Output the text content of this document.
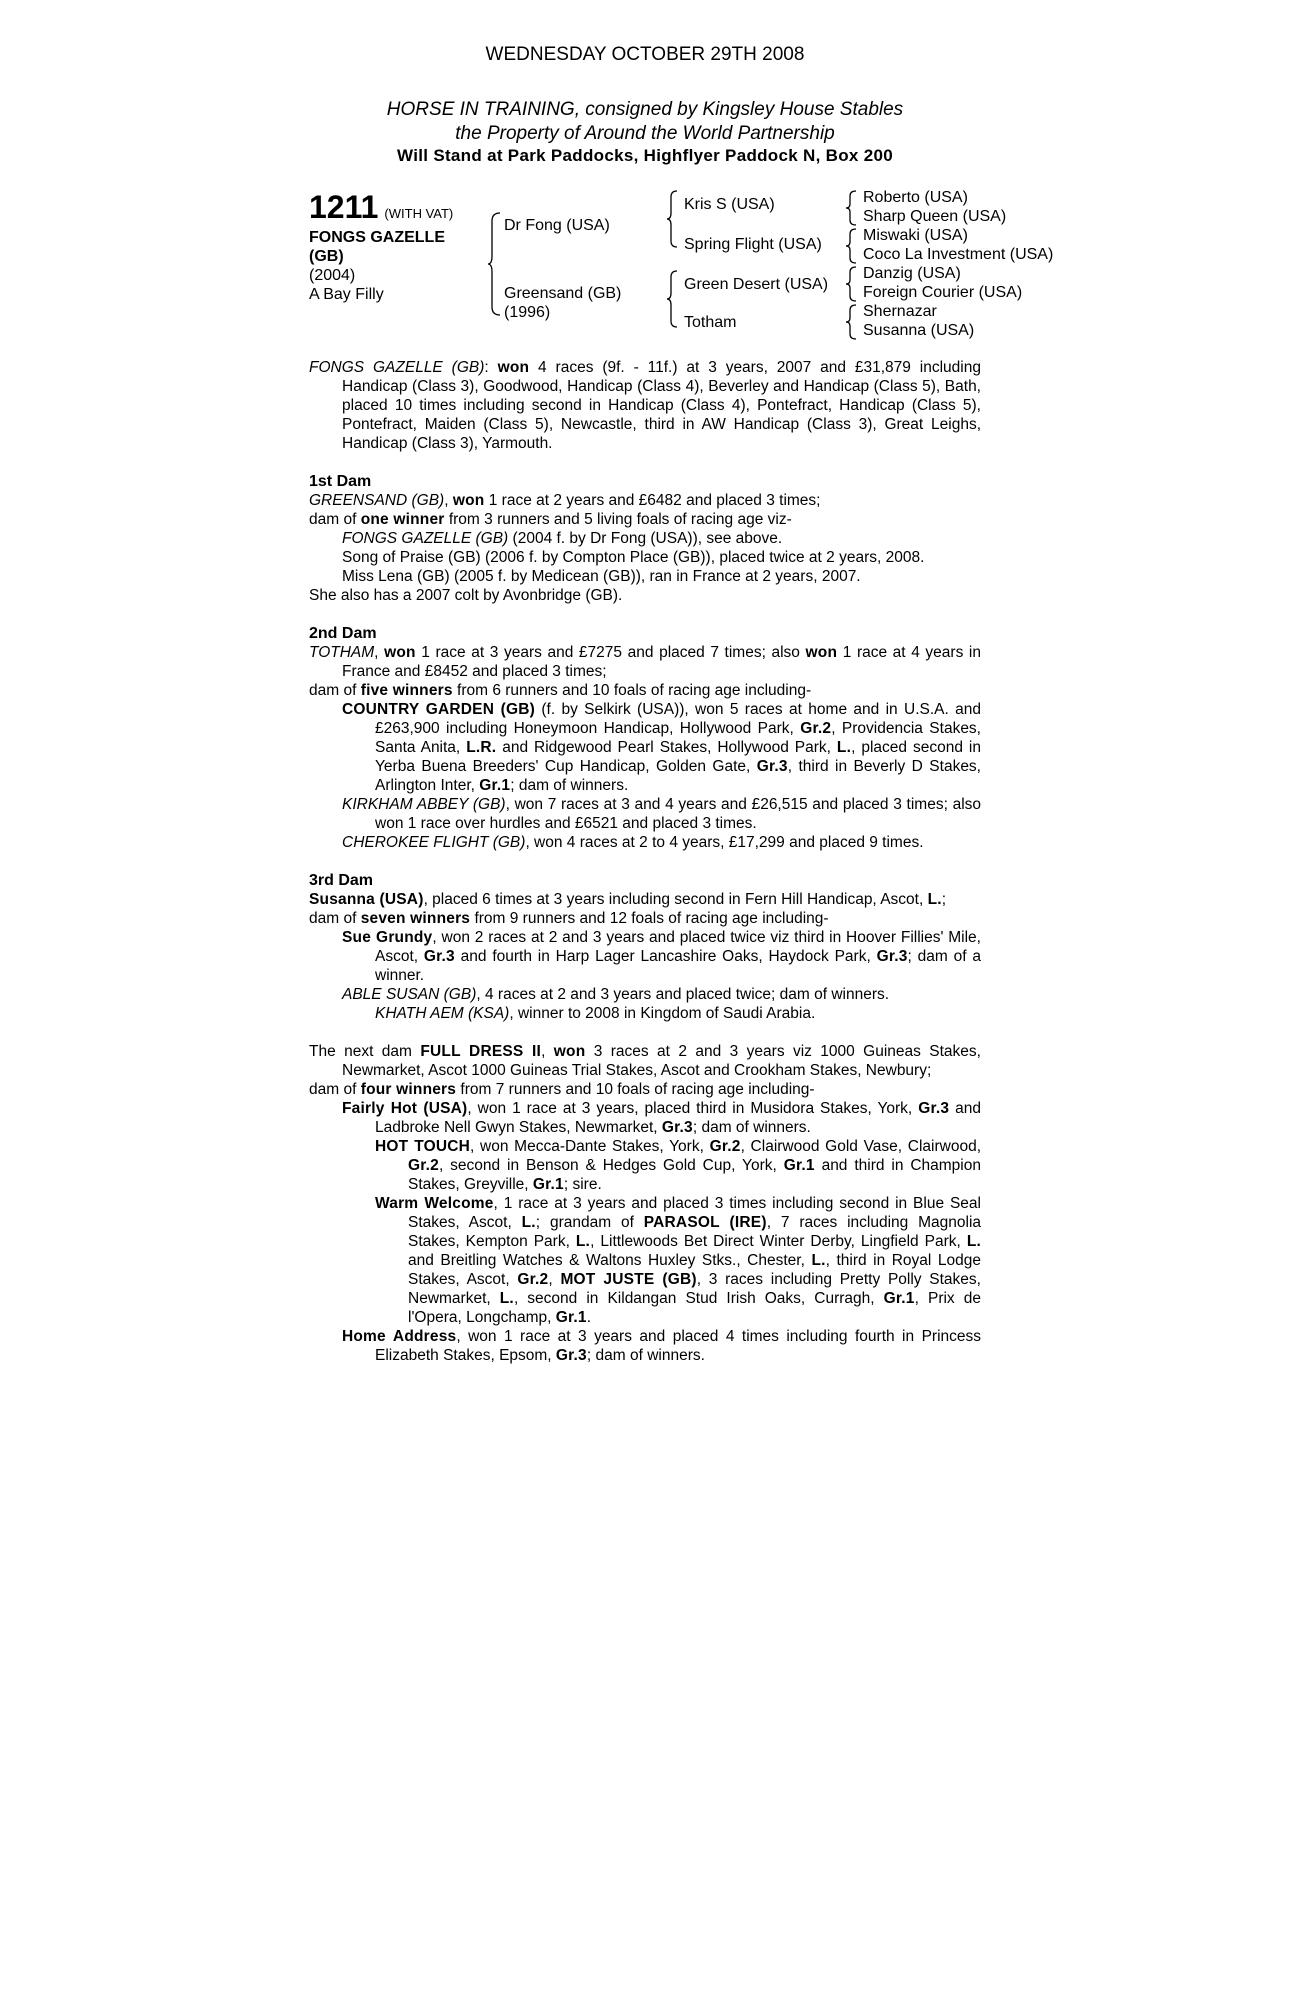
WEDNESDAY OCTOBER 29TH 2008
HORSE IN TRAINING, consigned by Kingsley House Stables
the Property of Around the World Partnership
Will Stand at Park Paddocks, Highflyer Paddock N, Box 200
1211 (WITH VAT)
FONGS GAZELLE
(GB)
(2004)
A Bay Filly
Dr Fong (USA)
Greensand (GB)
(1996)
Kris S (USA)
Spring Flight (USA)
Green Desert (USA)
Totham
Roberto (USA)
Sharp Queen (USA)
Miswaki (USA)
Coco La Investment (USA)
Danzig (USA)
Foreign Courier (USA)
Shernazar
Susanna (USA)

FONGS GAZELLE (GB): won 4 races (9f. - 11f.) at 3 years, 2007 and £31,879 including Handicap (Class 3), Goodwood, Handicap (Class 4), Beverley and Handicap (Class 5), Bath, placed 10 times including second in Handicap (Class 4), Pontefract, Handicap (Class 5), Pontefract, Maiden (Class 5), Newcastle, third in AW Handicap (Class 3), Great Leighs, Handicap (Class 3), Yarmouth.

1st Dam

GREENSAND (GB), won 1 race at 2 years and £6482 and placed 3 times;

dam of one winner from 3 runners and 5 living foals of racing age viz-

FONGS GAZELLE (GB) (2004 f. by Dr Fong (USA)), see above.

Song of Praise (GB) (2006 f. by Compton Place (GB)), placed twice at 2 years, 2008.

Miss Lena (GB) (2005 f. by Medicean (GB)), ran in France at 2 years, 2007.

She also has a 2007 colt by Avonbridge (GB).

2nd Dam

TOTHAM, won 1 race at 3 years and £7275 and placed 7 times; also won 1 race at 4 years in France and £8452 and placed 3 times;

dam of five winners from 6 runners and 10 foals of racing age including-

COUNTRY GARDEN (GB) (f. by Selkirk (USA)), won 5 races at home and in U.S.A. and £263,900 including Honeymoon Handicap, Hollywood Park, Gr.2, Providencia Stakes, Santa Anita, L.R. and Ridgewood Pearl Stakes, Hollywood Park, L., placed second in Yerba Buena Breeders' Cup Handicap, Golden Gate, Gr.3, third in Beverly D Stakes, Arlington Inter, Gr.1; dam of winners.

KIRKHAM ABBEY (GB), won 7 races at 3 and 4 years and £26,515 and placed 3 times; also won 1 race over hurdles and £6521 and placed 3 times.

CHEROKEE FLIGHT (GB), won 4 races at 2 to 4 years, £17,299 and placed 9 times.

3rd Dam

Susanna (USA), placed 6 times at 3 years including second in Fern Hill Handicap, Ascot, L.;

dam of seven winners from 9 runners and 12 foals of racing age including-

Sue Grundy, won 2 races at 2 and 3 years and placed twice viz third in Hoover Fillies' Mile, Ascot, Gr.3 and fourth in Harp Lager Lancashire Oaks, Haydock Park, Gr.3; dam of a winner.

ABLE SUSAN (GB), 4 races at 2 and 3 years and placed twice; dam of winners.

KHATH AEM (KSA), winner to 2008 in Kingdom of Saudi Arabia.

The next dam FULL DRESS II, won 3 races at 2 and 3 years viz 1000 Guineas Stakes, Newmarket, Ascot 1000 Guineas Trial Stakes, Ascot and Crookham Stakes, Newbury;

dam of four winners from 7 runners and 10 foals of racing age including-

Fairly Hot (USA), won 1 race at 3 years, placed third in Musidora Stakes, York, Gr.3 and Ladbroke Nell Gwyn Stakes, Newmarket, Gr.3; dam of winners.

HOT TOUCH, won Mecca-Dante Stakes, York, Gr.2, Clairwood Gold Vase, Clairwood, Gr.2, second in Benson & Hedges Gold Cup, York, Gr.1 and third in Champion Stakes, Greyville, Gr.1; sire.

Warm Welcome, 1 race at 3 years and placed 3 times including second in Blue Seal Stakes, Ascot, L.; grandam of PARASOL (IRE), 7 races including Magnolia Stakes, Kempton Park, L., Littlewoods Bet Direct Winter Derby, Lingfield Park, L. and Breitling Watches & Waltons Huxley Stks., Chester, L., third in Royal Lodge Stakes, Ascot, Gr.2, MOT JUSTE (GB), 3 races including Pretty Polly Stakes, Newmarket, L., second in Kildangan Stud Irish Oaks, Curragh, Gr.1, Prix de l'Opera, Longchamp, Gr.1.

Home Address, won 1 race at 3 years and placed 4 times including fourth in Princess Elizabeth Stakes, Epsom, Gr.3; dam of winners.
